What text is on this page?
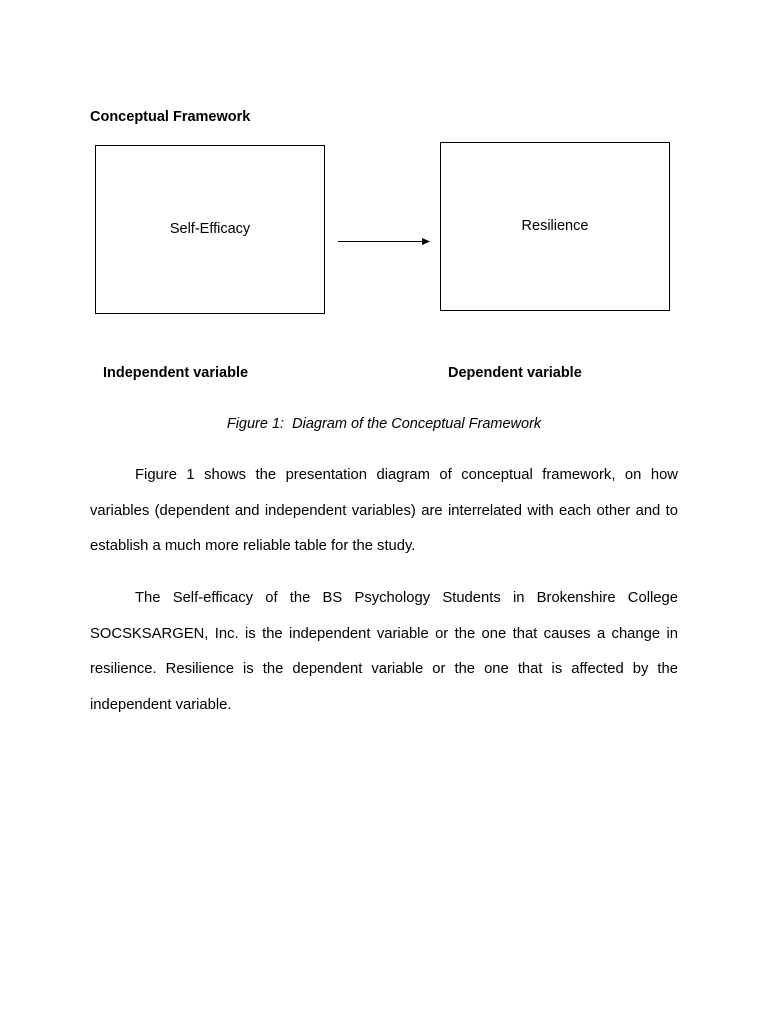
Conceptual Framework
Self-Efficacy	Resilience
Independent variable	Dependent variable
Figure 1:  Diagram of the Conceptual Framework

Figure 1 shows the presentation diagram of conceptual framework, on how variables (dependent and independent variables) are interrelated with each other and to establish a much more reliable table for the study.

The Self-efficacy of the BS Psychology Students in Brokenshire College SOCSKSARGEN, Inc. is the independent variable or the one that causes a change in resilience. Resilience is the dependent variable or the one that is affected by the independent variable.
